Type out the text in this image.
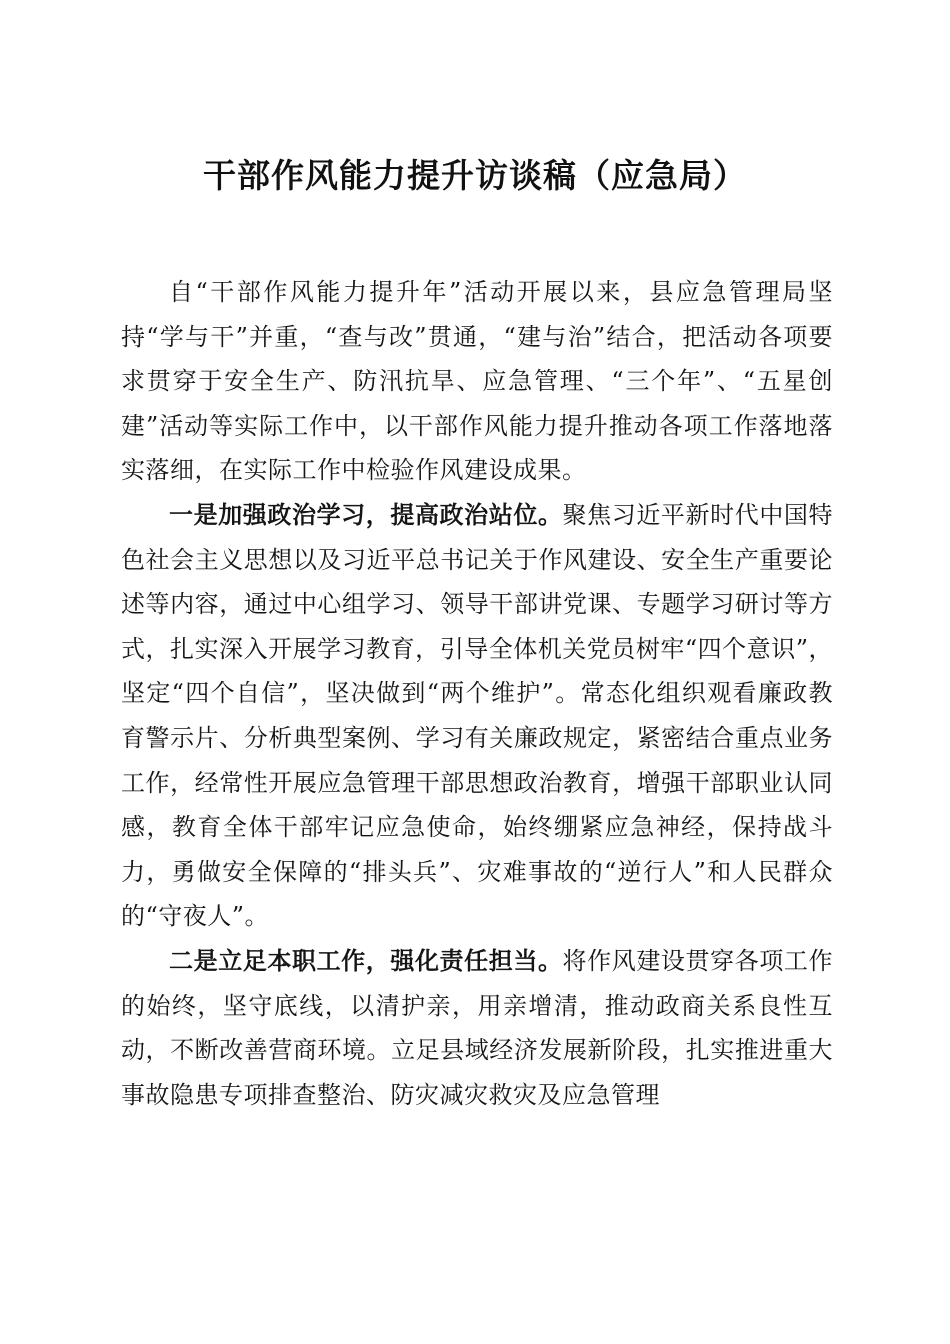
干部作风能力提升访谈稿（应急局）

自“干部作风能力提升年”活动开展以来，县应急管理局坚持“学与干”并重，“查与改”贯通，“建与治”结合，把活动各项要求贯穿于安全生产、防汛抗旱、应急管理、“三个年”、“五星创建”活动等实际工作中，以干部作风能力提升推动各项工作落地落实落细，在实际工作中检验作风建设成果。

一是加强政治学习，提高政治站位。聚焦习近平新时代中国特色社会主义思想以及习近平总书记关于作风建设、安全生产重要论述等内容，通过中心组学习、领导干部讲党课、专题学习研讨等方式，扎实深入开展学习教育，引导全体机关党员树牢“四个意识”，坚定“四个自信”，坚决做到“两个维护”。常态化组织观看廉政教育警示片、分析典型案例、学习有关廉政规定，紧密结合重点业务工作，经常性开展应急管理干部思想政治教育，增强干部职业认同感，教育全体干部牢记应急使命，始终绷紧应急神经，保持战斗力，勇做安全保障的“排头兵”、灾难事故的“逆行人”和人民群众的“守夜人”。

二是立足本职工作，强化责任担当。将作风建设贯穿各项工作的始终，坚守底线，以清护亲，用亲增清，推动政商关系良性互动，不断改善营商环境。立足县域经济发展新阶段，扎实推进重大事故隐患专项排查整治、防灾减灾救灾及应急管理
